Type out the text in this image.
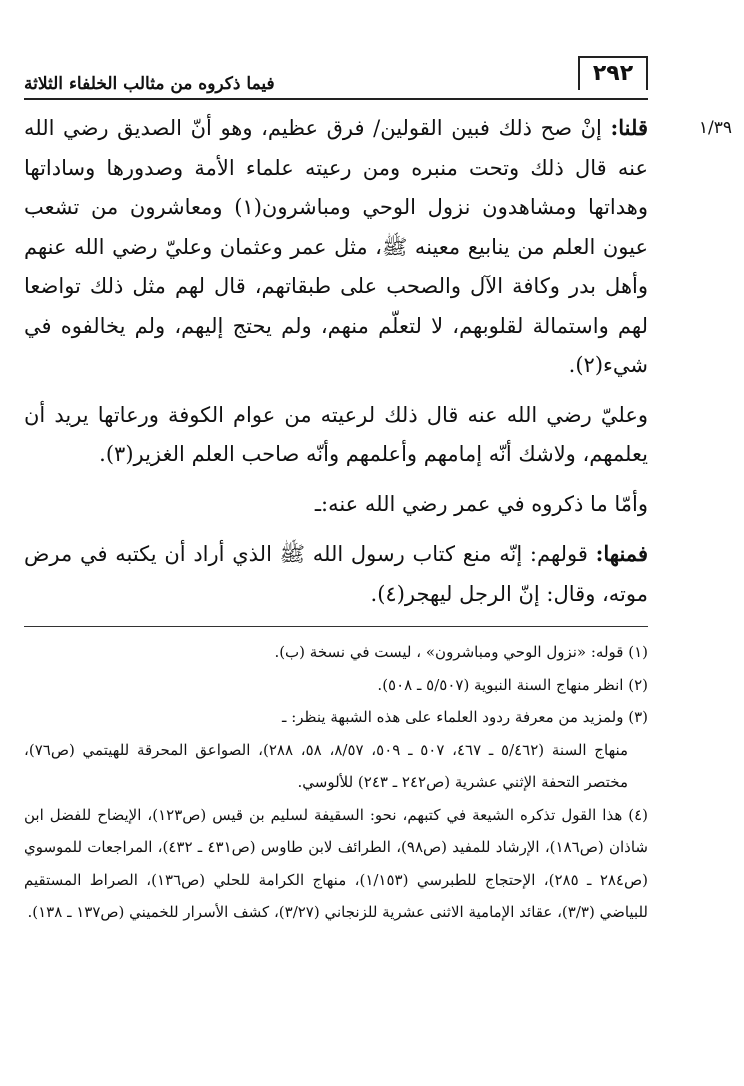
٢٩٢
فيما ذكروه من مثالب الخلفاء الثلاثة
١/٣٩

قلنا: إنْ صح ذلك فبين القولين/ فرق عظيم، وهو أنّ الصديق رضي الله عنه قال ذلك وتحت منبره ومن رعيته علماء الأمة وصدورها وساداتها وهداتها ومشاهدون نزول الوحي ومباشرون(١) ومعاشرون من تشعب عيون العلم من ينابيع معينه ﷺ، مثل عمر وعثمان وعليّ رضي الله عنهم وأهل بدر وكافة الآل والصحب على طبقاتهم، قال لهم مثل ذلك تواضعا لهم واستمالة لقلوبهم، لا لتعلّم منهم، ولم يحتج إليهم، ولم يخالفوه في شيء(٢).

وعليّ رضي الله عنه قال ذلك لرعيته من عوام الكوفة ورعاتها يريد أن يعلمهم، ولاشك أنّه إمامهم وأعلمهم وأنّه صاحب العلم الغزير(٣).

وأمّا ما ذكروه في عمر رضي الله عنه:ـ

فمنها: قولهم: إنّه منع كتاب رسول الله ﷺ الذي أراد أن يكتبه في مرض موته، وقال: إنّ الرجل ليهجر(٤).

(١) قوله: «نزول الوحي ومباشرون» ، ليست في نسخة (ب).

(٢) انظر منهاج السنة النبوية (٥/٥٠٧ ـ ٥٠٨).

(٣) ولمزيد من معرفة ردود العلماء على هذه الشبهة ينظر: ـ

منهاج السنة (٥/٤٦٢ ـ ٤٦٧، ٥٠٧ ـ ٥٠٩، ٨/٥٧، ٥٨، ٢٨٨)، الصواعق المحرقة للهيتمي (ص٧٦)، مختصر التحفة الإثني عشرية (ص٢٤٢ ـ ٢٤٣) للألوسي.

(٤) هذا القول تذكره الشيعة في كتبهم، نحو: السقيفة لسليم بن قيس (ص١٢٣)، الإيضاح للفضل ابن شاذان (ص١٨٦)، الإرشاد للمفيد (ص٩٨)، الطرائف لابن طاوس (ص٤٣١ ـ ٤٣٢)، المراجعات للموسوي (ص٢٨٤ ـ ٢٨٥)، الإحتجاج للطبرسي (١/١٥٣)، منهاج الكرامة للحلي (ص١٣٦)، الصراط المستقيم للبياضي (٣/٣)، عقائد الإمامية الاثنى عشرية للزنجاني (٣/٢٧)، كشف الأسرار للخميني (ص١٣٧ ـ ١٣٨).
